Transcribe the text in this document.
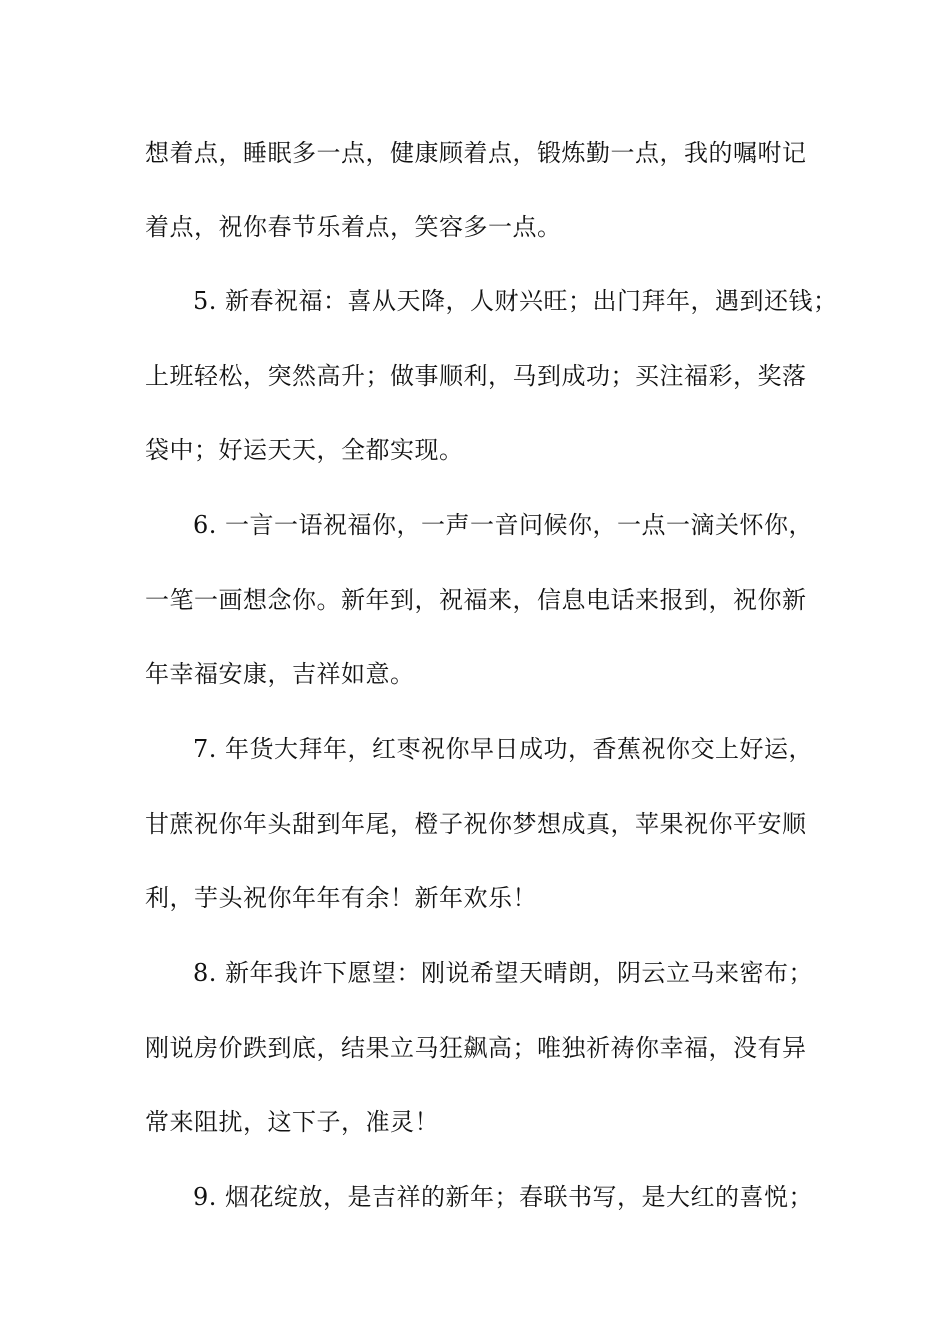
想着点，睡眠多一点，健康顾着点，锻炼勤一点，我的嘱咐记
着点，祝你春节乐着点，笑容多一点。
5. 新春祝福：喜从天降，人财兴旺；出门拜年，遇到还钱；
上班轻松，突然高升；做事顺利，马到成功；买注福彩，奖落
袋中；好运天天，全都实现。
6. 一言一语祝福你，一声一音问候你，一点一滴关怀你，
一笔一画想念你。新年到，祝福来，信息电话来报到，祝你新
年幸福安康，吉祥如意。
7. 年货大拜年，红枣祝你早日成功，香蕉祝你交上好运，
甘蔗祝你年头甜到年尾，橙子祝你梦想成真，苹果祝你平安顺
利，芋头祝你年年有余！新年欢乐！
8. 新年我许下愿望：刚说希望天晴朗，阴云立马来密布；
刚说房价跌到底，结果立马狂飙高；唯独祈祷你幸福，没有异
常来阻扰，这下子，准灵！
9. 烟花绽放，是吉祥的新年；春联书写，是大红的喜悦；
